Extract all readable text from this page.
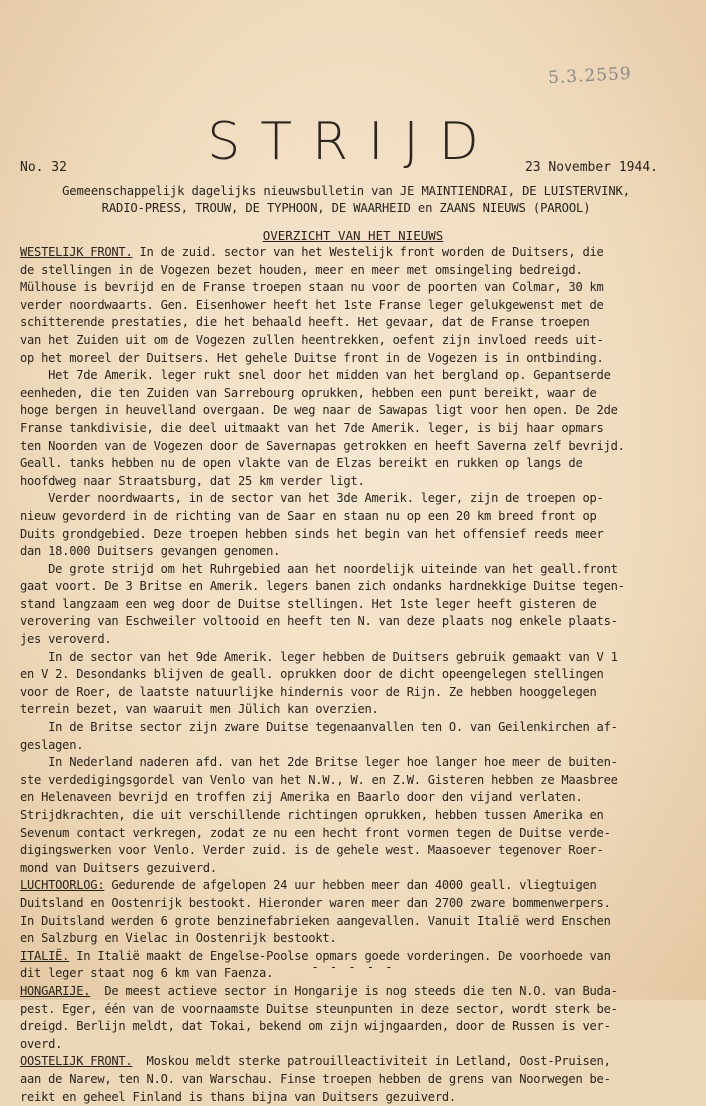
5.3.2559
STRIJD
No. 32	23 November 1944.
Gemeenschappelijk dagelijks nieuwsbulletin van JE MAINTIENDRAI, DE LUISTERVINK,
RADIO-PRESS, TROUW, DE TYPHOON, DE WAARHEID en ZAANS NIEUWS (PAROOL)
OVERZICHT VAN HET NIEUWS
WESTELIJK FRONT. In de zuid. sector van het Westelijk front worden de Duitsers, die
de stellingen in de Vogezen bezet houden, meer en meer met omsingeling bedreigd.
Mülhouse is bevrijd en de Franse troepen staan nu voor de poorten van Colmar, 30 km
verder noordwaarts. Gen. Eisenhower heeft het 1ste Franse leger gelukgewenst met de
schitterende prestaties, die het behaald heeft. Het gevaar, dat de Franse troepen
van het Zuiden uit om de Vogezen zullen heentrekken, oefent zijn invloed reeds uit-
op het moreel der Duitsers. Het gehele Duitse front in de Vogezen is in ontbinding.
Het 7de Amerik. leger rukt snel door het midden van het bergland op. Gepantserde
eenheden, die ten Zuiden van Sarrebourg oprukken, hebben een punt bereikt, waar de
hoge bergen in heuvelland overgaan. De weg naar de Sawapas ligt voor hen open. De 2de
Franse tankdivisie, die deel uitmaakt van het 7de Amerik. leger, is bij haar opmars
ten Noorden van de Vogezen door de Savernapas getrokken en heeft Saverna zelf bevrijd.
Geall. tanks hebben nu de open vlakte van de Elzas bereikt en rukken op langs de
hoofdweg naar Straatsburg, dat 25 km verder ligt.
Verder noordwaarts, in de sector van het 3de Amerik. leger, zijn de troepen op-
nieuw gevorderd in de richting van de Saar en staan nu op een 20 km breed front op
Duits grondgebied. Deze troepen hebben sinds het begin van het offensief reeds meer
dan 18.000 Duitsers gevangen genomen.
De grote strijd om het Ruhrgebied aan het noordelijk uiteinde van het geall.front
gaat voort. De 3 Britse en Amerik. legers banen zich ondanks hardnekkige Duitse tegen-
stand langzaam een weg door de Duitse stellingen. Het 1ste leger heeft gisteren de
verovering van Eschweiler voltooid en heeft ten N. van deze plaats nog enkele plaats-
jes veroverd.
In de sector van het 9de Amerik. leger hebben de Duitsers gebruik gemaakt van V 1
en V 2. Desondanks blijven de geall. oprukken door de dicht opeengelegen stellingen
voor de Roer, de laatste natuurlijke hindernis voor de Rijn. Ze hebben hooggelegen
terrein bezet, van waaruit men Jülich kan overzien.
In de Britse sector zijn zware Duitse tegenaanvallen ten O. van Geilenkirchen af-
geslagen.
In Nederland naderen afd. van het 2de Britse leger hoe langer hoe meer de buiten-
ste verdedigingsgordel van Venlo van het N.W., W. en Z.W. Gisteren hebben ze Maasbree
en Helenaveen bevrijd en troffen zij Amerika en Baarlo door den vijand verlaten.
Strijdkrachten, die uit verschillende richtingen oprukken, hebben tussen Amerika en
Sevenum contact verkregen, zodat ze nu een hecht front vormen tegen de Duitse verde-
digingswerken voor Venlo. Verder zuid. is de gehele west. Maasoever tegenover Roer-
mond van Duitsers gezuiverd.
LUCHTOORLOG: Gedurende de afgelopen 24 uur hebben meer dan 4000 geall. vliegtuigen
Duitsland en Oostenrijk bestookt. Hieronder waren meer dan 2700 zware bommenwerpers.
In Duitsland werden 6 grote benzinefabrieken aangevallen. Vanuit Italië werd Enschen
en Salzburg en Vielac in Oostenrijk bestookt.
ITALIË. In Italië maakt de Engelse-Poolse opmars goede vorderingen. De voorhoede van
dit leger staat nog 6 km van Faenza.
HONGARIJE.  De meest actieve sector in Hongarije is nog steeds die ten N.O. van Buda-
pest. Eger, één van de voornaamste Duitse steunpunten in deze sector, wordt sterk be-
dreigd. Berlijn meldt, dat Tokai, bekend om zijn wijngaarden, door de Russen is ver-
overd.
OOSTELIJK FRONT.  Moskou meldt sterke patrouilleactiviteit in Letland, Oost-Pruisen,
aan de Narew, ten N.O. van Warschau. Finse troepen hebben de grens van Noorwegen be-
reikt en geheel Finland is thans bijna van Duitsers gezuiverd.
- - - - -
